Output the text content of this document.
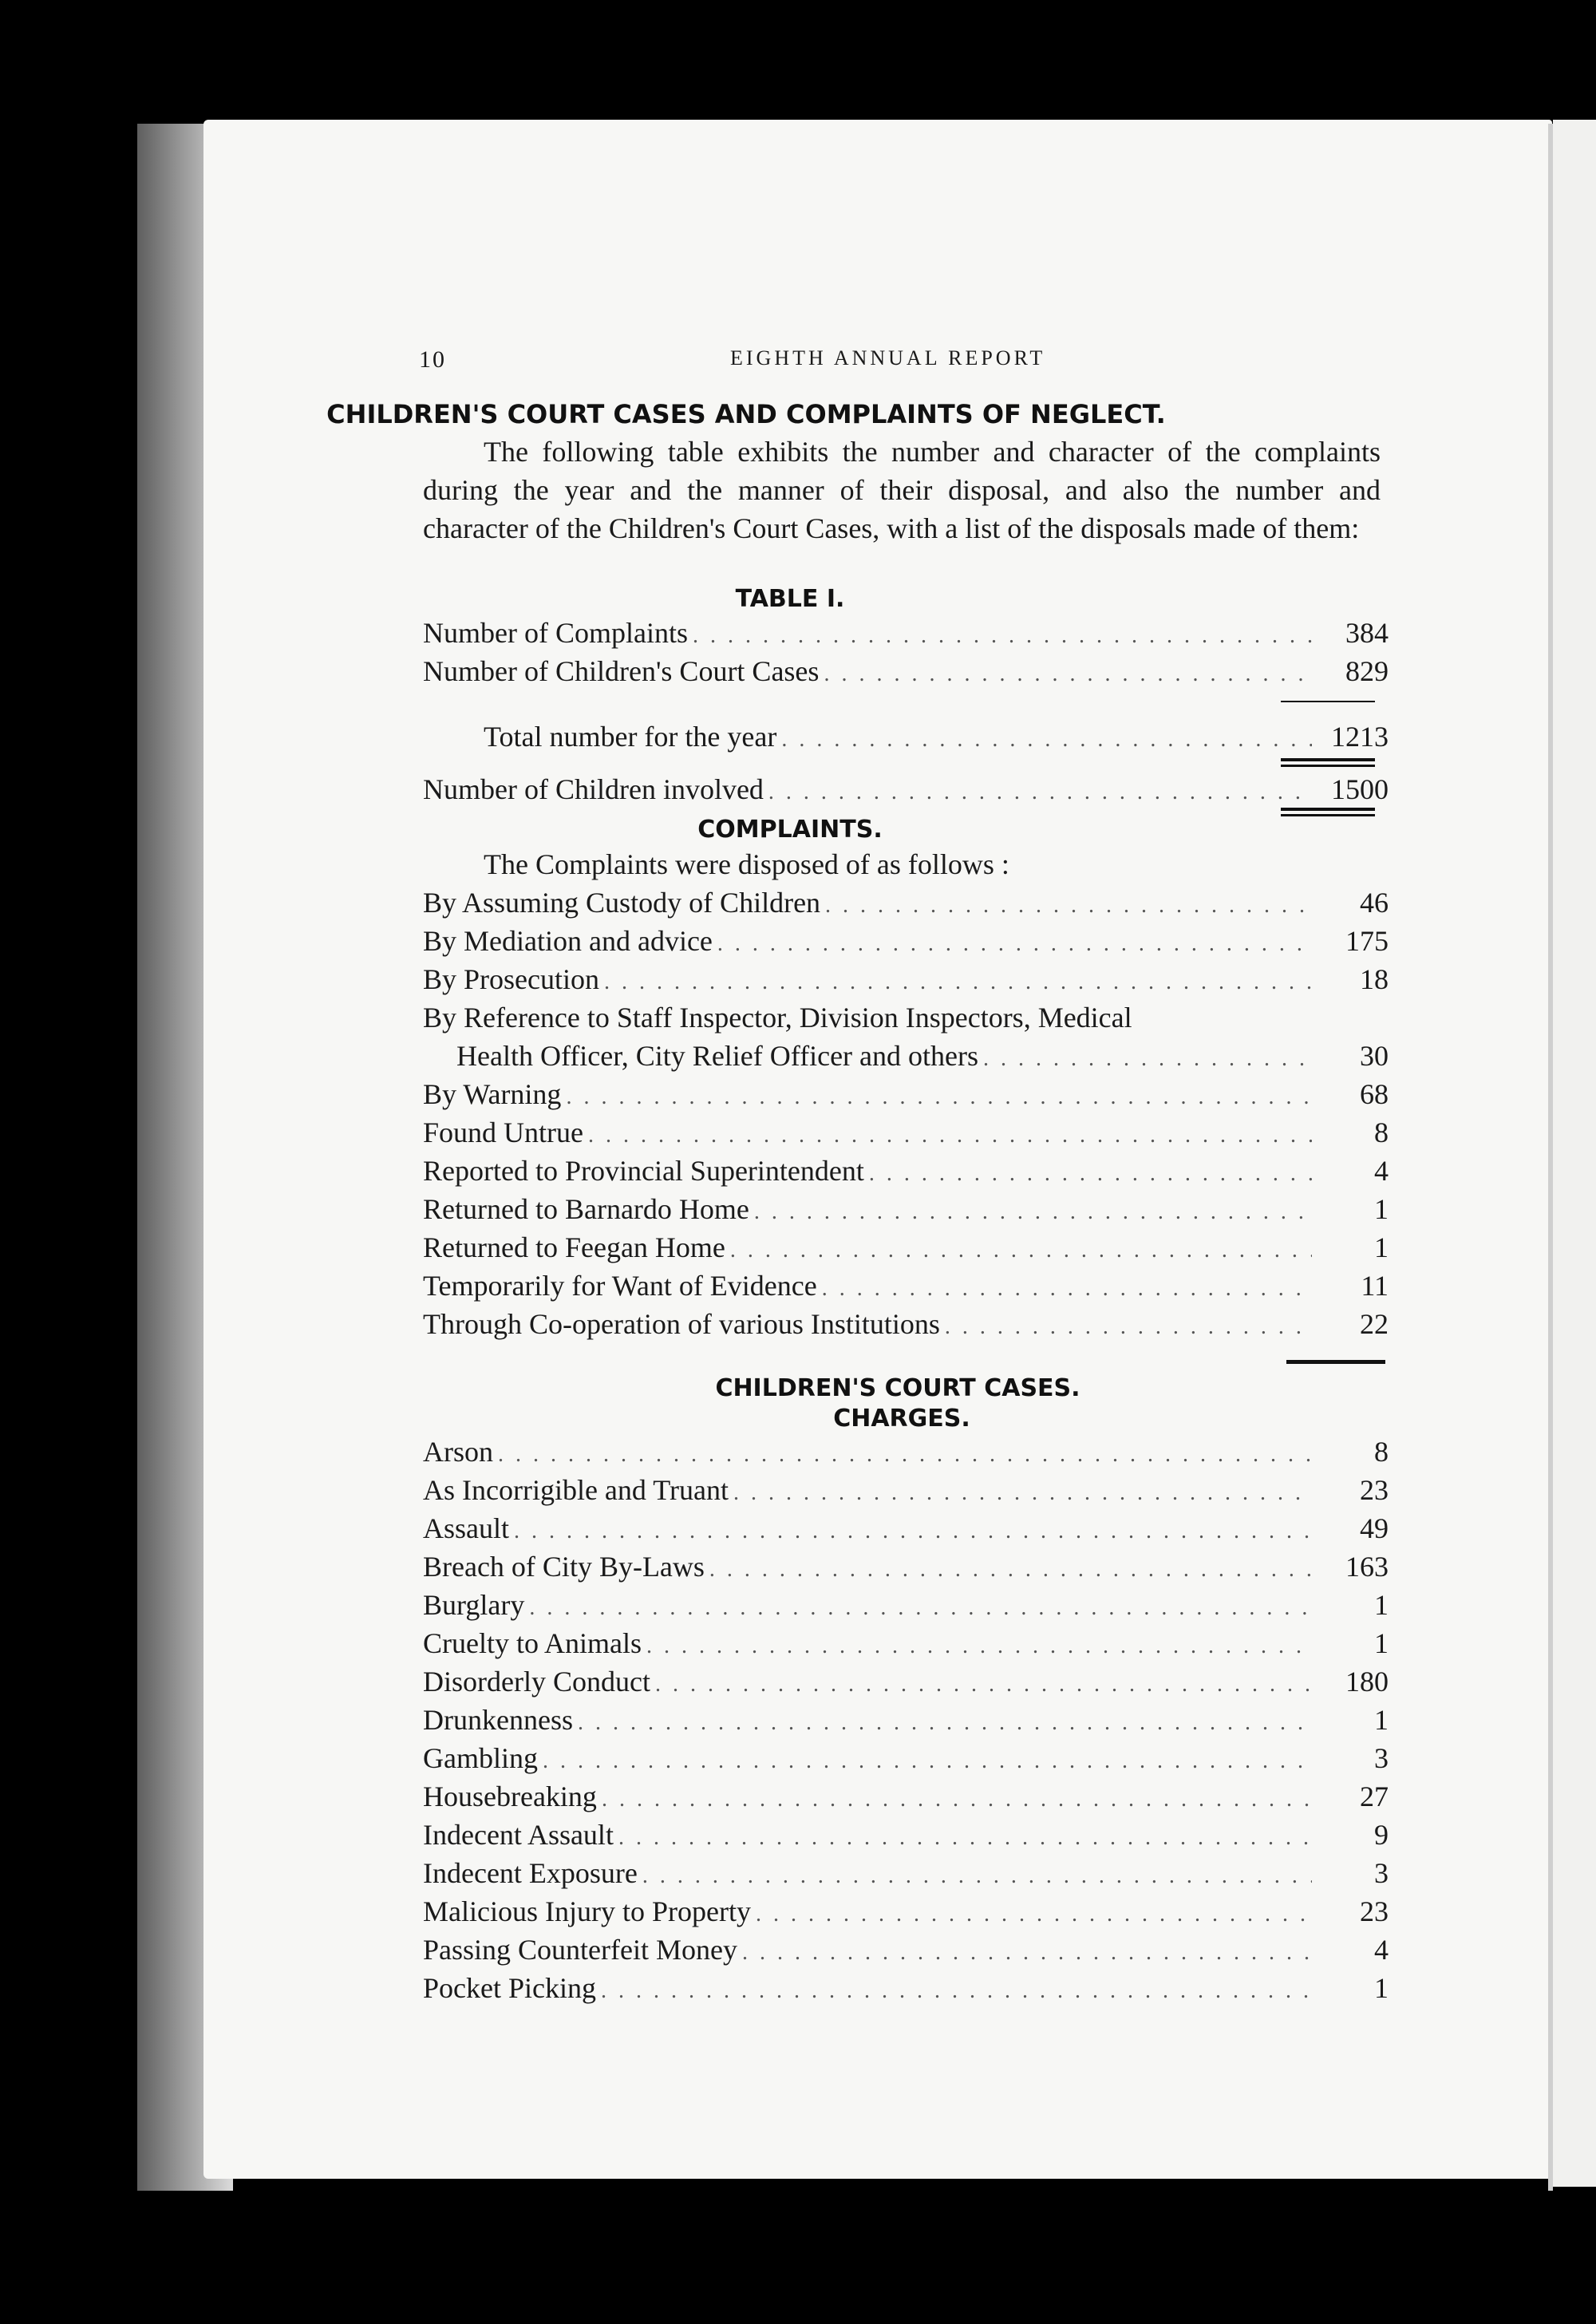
10	EIGHTH ANNUAL REPORT
CHILDREN'S COURT CASES AND COMPLAINTS OF NEGLECT.
The following table exhibits the number and character of the complaints during the year and the manner of their disposal, and also the number and character of the Children's Court Cases, with a list of the disposals made of them:
TABLE I.
Number of Complaints . . .	384
Number of Children's Court Cases . . .	829
Total number for the year . . .	1213
Number of Children involved . . .	1500
COMPLAINTS.
The Complaints were disposed of as follows :
By Assuming Custody of Children . . .	46
By Mediation and advice . . .	175
By Prosecution . . .	18
By Reference to Staff Inspector, Division Inspectors, Medical
Health Officer, City Relief Officer and others . . .	30
By Warning . . .	68
Found Untrue . . .	8
Reported to Provincial Superintendent . . .	4
Returned to Barnardo Home . . .	1
Returned to Feegan Home . . .	1
Temporarily for Want of Evidence . . .	11
Through Co-operation of various Institutions . . .	22
CHILDREN'S COURT CASES.
CHARGES.
Arson . . .	8
As Incorrigible and Truant . . .	23
Assault . . .	49
Breach of City By-Laws . . .	163
Burglary . . .	1
Cruelty to Animals . . .	1
Disorderly Conduct . . .	180
Drunkenness . . .	1
Gambling . . .	3
Housebreaking . . .	27
Indecent Assault . . .	9
Indecent Exposure . . .	3
Malicious Injury to Property . . .	23
Passing Counterfeit Money . . .	4
Pocket Picking . . .	1
